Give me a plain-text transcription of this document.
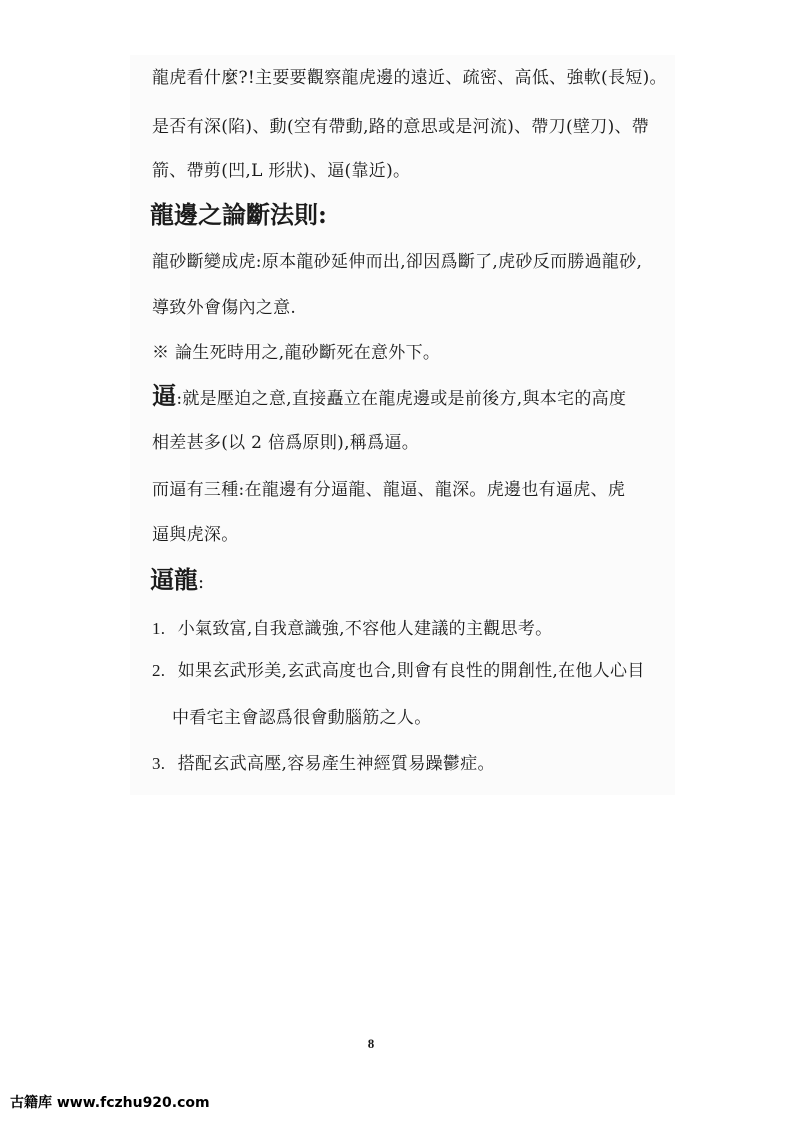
龍虎看什麼?!主要要觀察龍虎邊的遠近、疏密、高低、強軟(長短)。
是否有深(陷)、動(空有帶動,路的意思或是河流)、帶刀(壁刀)、帶
箭、帶剪(凹,L 形狀)、逼(靠近)。
龍邊之論斷法則:
龍砂斷變成虎:原本龍砂延伸而出,卻因爲斷了,虎砂反而勝過龍砂,
導致外會傷內之意.
※ 論生死時用之,龍砂斷死在意外下。
逼:就是壓迫之意,直接矗立在龍虎邊或是前後方,與本宅的高度
相差甚多(以 2 倍爲原則),稱爲逼。
而逼有三種:在龍邊有分逼龍、龍逼、龍深。虎邊也有逼虎、虎
逼與虎深。
逼龍:
1. 小氣致富,自我意識強,不容他人建議的主觀思考。
2. 如果玄武形美,玄武高度也合,則會有良性的開創性,在他人心目
中看宅主會認爲很會動腦筋之人。
3. 搭配玄武高壓,容易產生神經質易躁鬱症。
8
古籍库 www.fczhu920.com
